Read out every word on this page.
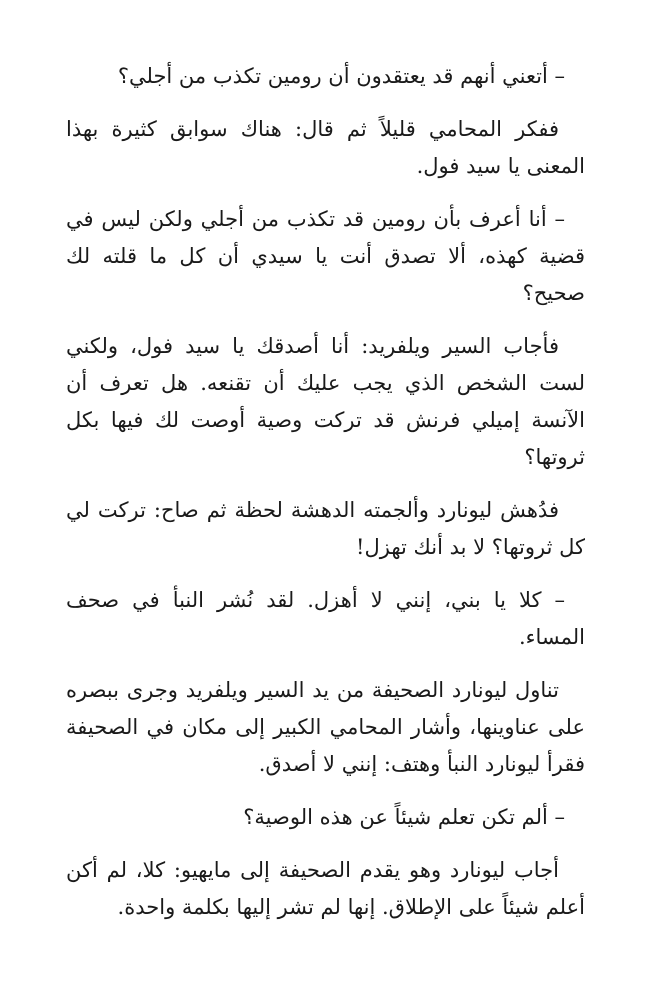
– أتعني أنهم قد يعتقدون أن رومين تكذب من أجلي؟

ففكر المحامي قليلاً ثم قال: هناك سوابق كثيرة بهذا المعنى يا سيد فول.

– أنا أعرف بأن رومين قد تكذب من أجلي ولكن ليس في قضية كهذه، ألا تصدق أنت يا سيدي أن كل ما قلته لك صحيح؟

فأجاب السير ويلفريد: أنا أصدقك يا سيد فول، ولكني لست الشخص الذي يجب عليك أن تقنعه. هل تعرف أن الآنسة إميلي فرنش قد تركت وصية أوصت لك فيها بكل ثروتها؟

فدُهش ليونارد وألجمته الدهشة لحظة ثم صاح: تركت لي كل ثروتها؟ لا بد أنك تهزل!

– كلا يا بني، إنني لا أهزل. لقد نُشر النبأ في صحف المساء.

تناول ليونارد الصحيفة من يد السير ويلفريد وجرى ببصره على عناوينها، وأشار المحامي الكبير إلى مكان في الصحيفة فقرأ ليونارد النبأ وهتف: إنني لا أصدق.

– ألم تكن تعلم شيئاً عن هذه الوصية؟

أجاب ليونارد وهو يقدم الصحيفة إلى مايهيو: كلا، لم أكن أعلم شيئاً على الإطلاق. إنها لم تشر إليها بكلمة واحدة.
